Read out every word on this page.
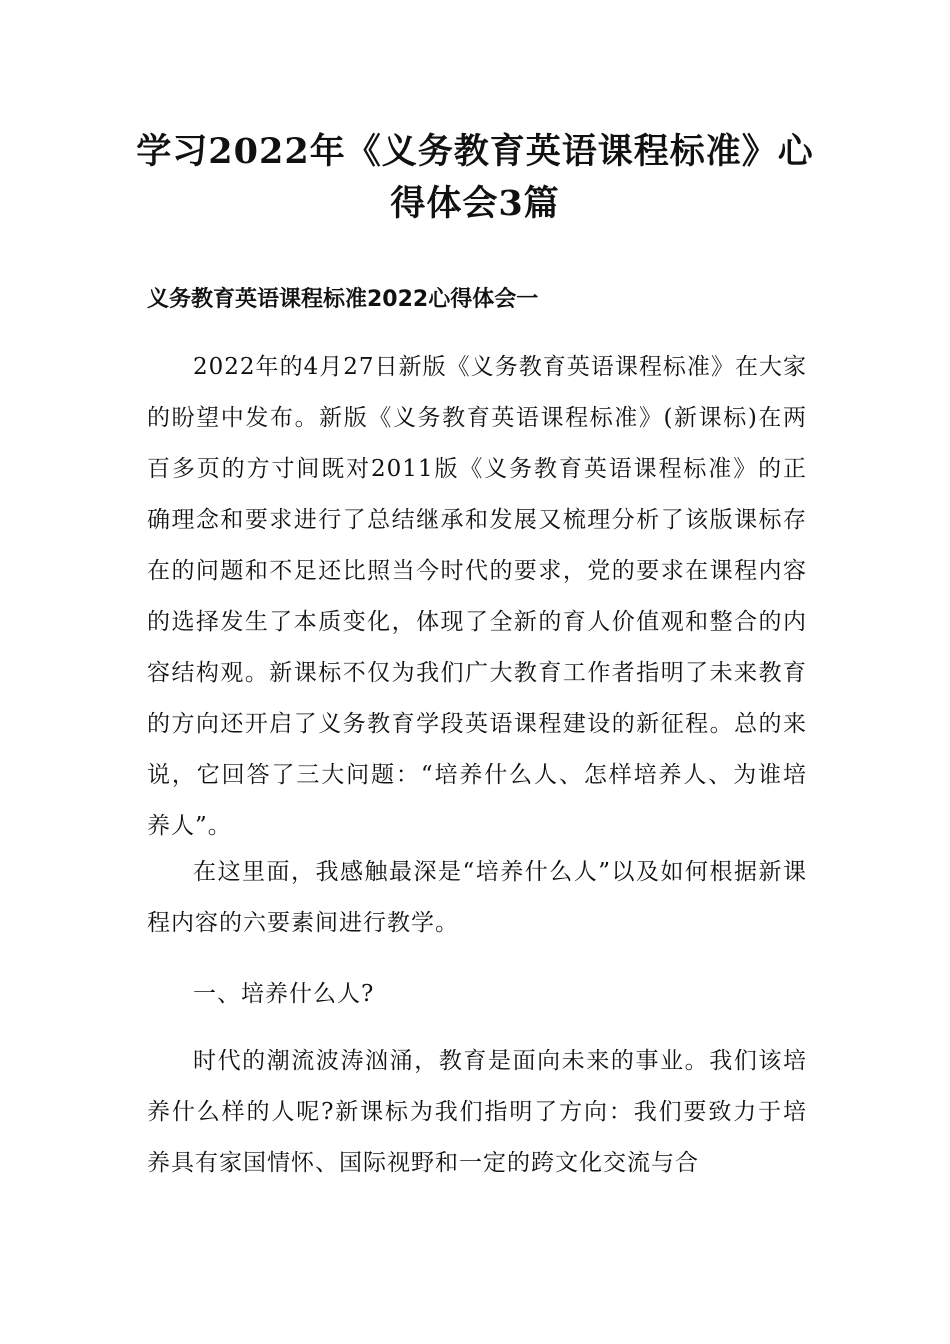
学习2022年《义务教育英语课程标准》心得体会3篇
义务教育英语课程标准2022心得体会一

2022年的4月27日新版《义务教育英语课程标准》在大家的盼望中发布。新版《义务教育英语课程标准》(新课标)在两百多页的方寸间既对2011版《义务教育英语课程标准》的正确理念和要求进行了总结继承和发展又梳理分析了该版课标存在的问题和不足还比照当今时代的要求，党的要求在课程内容的选择发生了本质变化，体现了全新的育人价值观和整合的内容结构观。新课标不仅为我们广大教育工作者指明了未来教育的方向还开启了义务教育学段英语课程建设的新征程。总的来说，它回答了三大问题：“培养什么人、怎样培养人、为谁培养人”。

在这里面，我感触最深是“培养什么人”以及如何根据新课程内容的六要素间进行教学。

一、培养什么人?

时代的潮流波涛汹涌，教育是面向未来的事业。我们该培养什么样的人呢?新课标为我们指明了方向：我们要致力于培养具有家国情怀、国际视野和一定的跨文化交流与合
